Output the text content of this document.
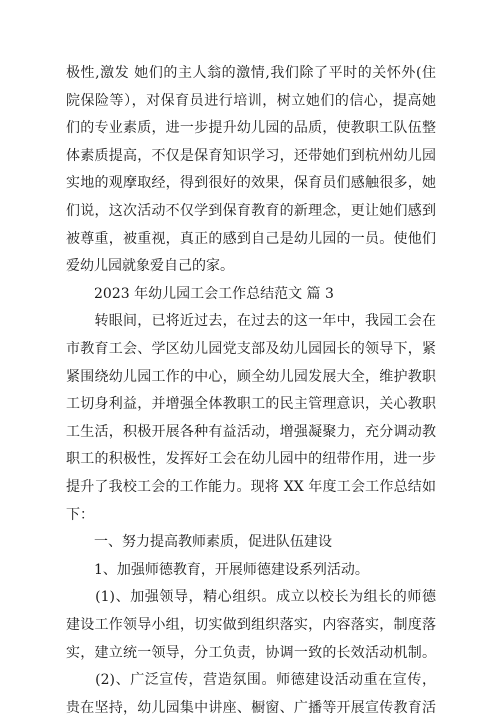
极性,激发 她们的主人翁的激情,我们除了平时的关怀外(住
院保险等），对保育员进行培训，树立她们的信心，提高她
们的专业素质，进一步提升幼儿园的品质，使教职工队伍整
体素质提高，不仅是保育知识学习，还带她们到杭州幼儿园
实地的观摩取经，得到很好的效果，保育员们感触很多，她
们说，这次活动不仅学到保育教育的新理念，更让她们感到
被尊重，被重视，真正的感到自己是幼儿园的一员。使他们
爱幼儿园就象爱自己的家。
　　2023 年幼儿园工会工作总结范文 篇 3
　　转眼间，已将近过去，在过去的这一年中，我园工会在
市教育工会、学区幼儿园党支部及幼儿园园长的领导下，紧
紧围绕幼儿园工作的中心，顾全幼儿园发展大全，维护教职
工切身利益，并增强全体教职工的民主管理意识，关心教职
工生活，积极开展各种有益活动，增强凝聚力，充分调动教
职工的积极性，发挥好工会在幼儿园中的纽带作用，进一步
提升了我校工会的工作能力。现将 XX 年度工会工作总结如
下：
　　一、努力提高教师素质，促进队伍建设
　　1、加强师德教育，开展师德建设系列活动。
　　(1)、加强领导，精心组织。成立以校长为组长的师德
建设工作领导小组，切实做到组织落实，内容落实，制度落
实，建立统一领导，分工负责，协调一致的长效活动机制。
　　(2)、广泛宣传，营造氛围。师德建设活动重在宣传，
贵在坚持，幼儿园集中讲座、橱窗、广播等开展宣传教育活
